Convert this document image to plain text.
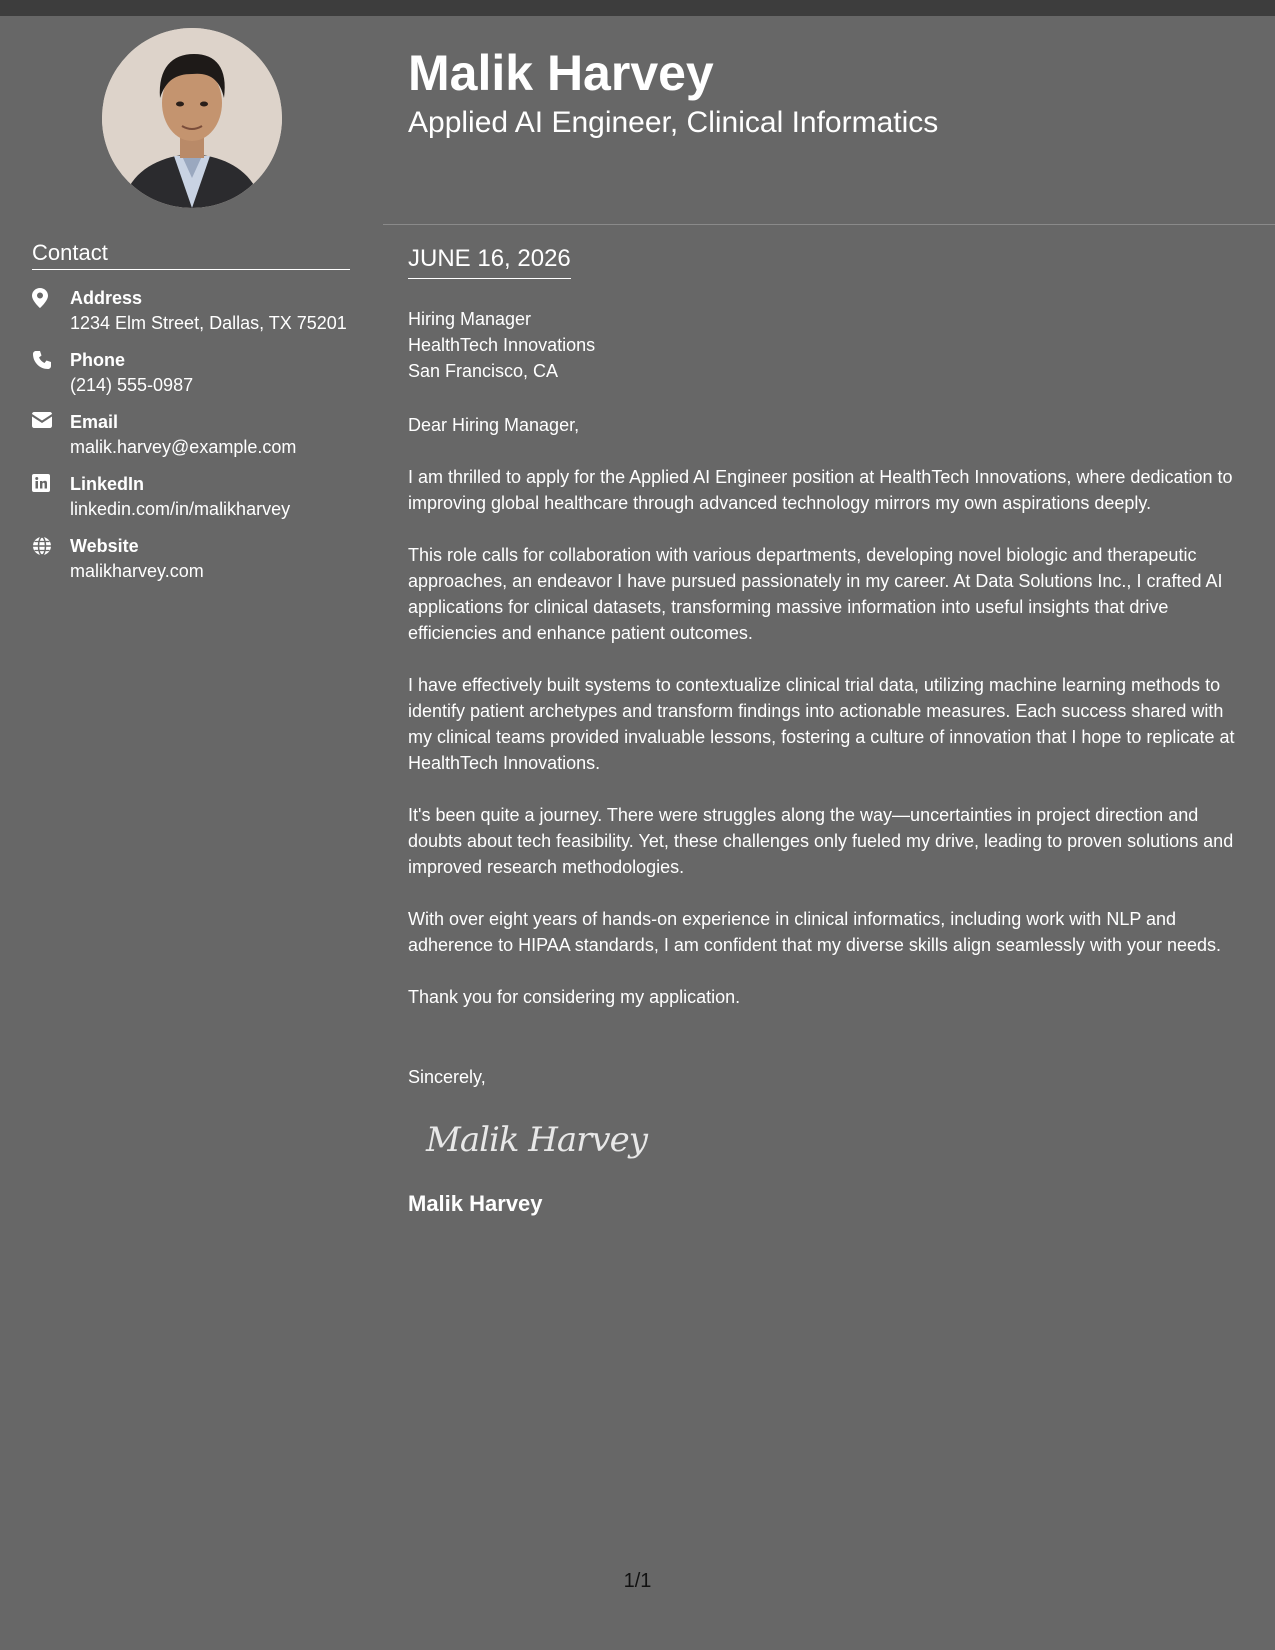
Contact
Address
1234 Elm Street, Dallas, TX 75201
Phone
(214) 555-0987
Email
malik.harvey@example.com
LinkedIn
linkedin.com/in/malikharvey
Website
malikharvey.com
Malik Harvey
Applied AI Engineer, Clinical Informatics
JUNE 16, 2026
Hiring Manager
HealthTech Innovations
San Francisco, CA
Dear Hiring Manager,

I am thrilled to apply for the Applied AI Engineer position at HealthTech Innovations, where dedication to improving global healthcare through advanced technology mirrors my own aspirations deeply.

This role calls for collaboration with various departments, developing novel biologic and therapeutic approaches, an endeavor I have pursued passionately in my career. At Data Solutions Inc., I crafted AI applications for clinical datasets, transforming massive information into useful insights that drive efficiencies and enhance patient outcomes.

I have effectively built systems to contextualize clinical trial data, utilizing machine learning methods to identify patient archetypes and transform findings into actionable measures. Each success shared with my clinical teams provided invaluable lessons, fostering a culture of innovation that I hope to replicate at HealthTech Innovations.

It's been quite a journey. There were struggles along the way—uncertainties in project direction and doubts about tech feasibility. Yet, these challenges only fueled my drive, leading to proven solutions and improved research methodologies.

With over eight years of hands-on experience in clinical informatics, including work with NLP and adherence to HIPAA standards, I am confident that my diverse skills align seamlessly with your needs.

Thank you for considering my application.

Sincerely,
Malik Harvey
Malik Harvey
1/1
